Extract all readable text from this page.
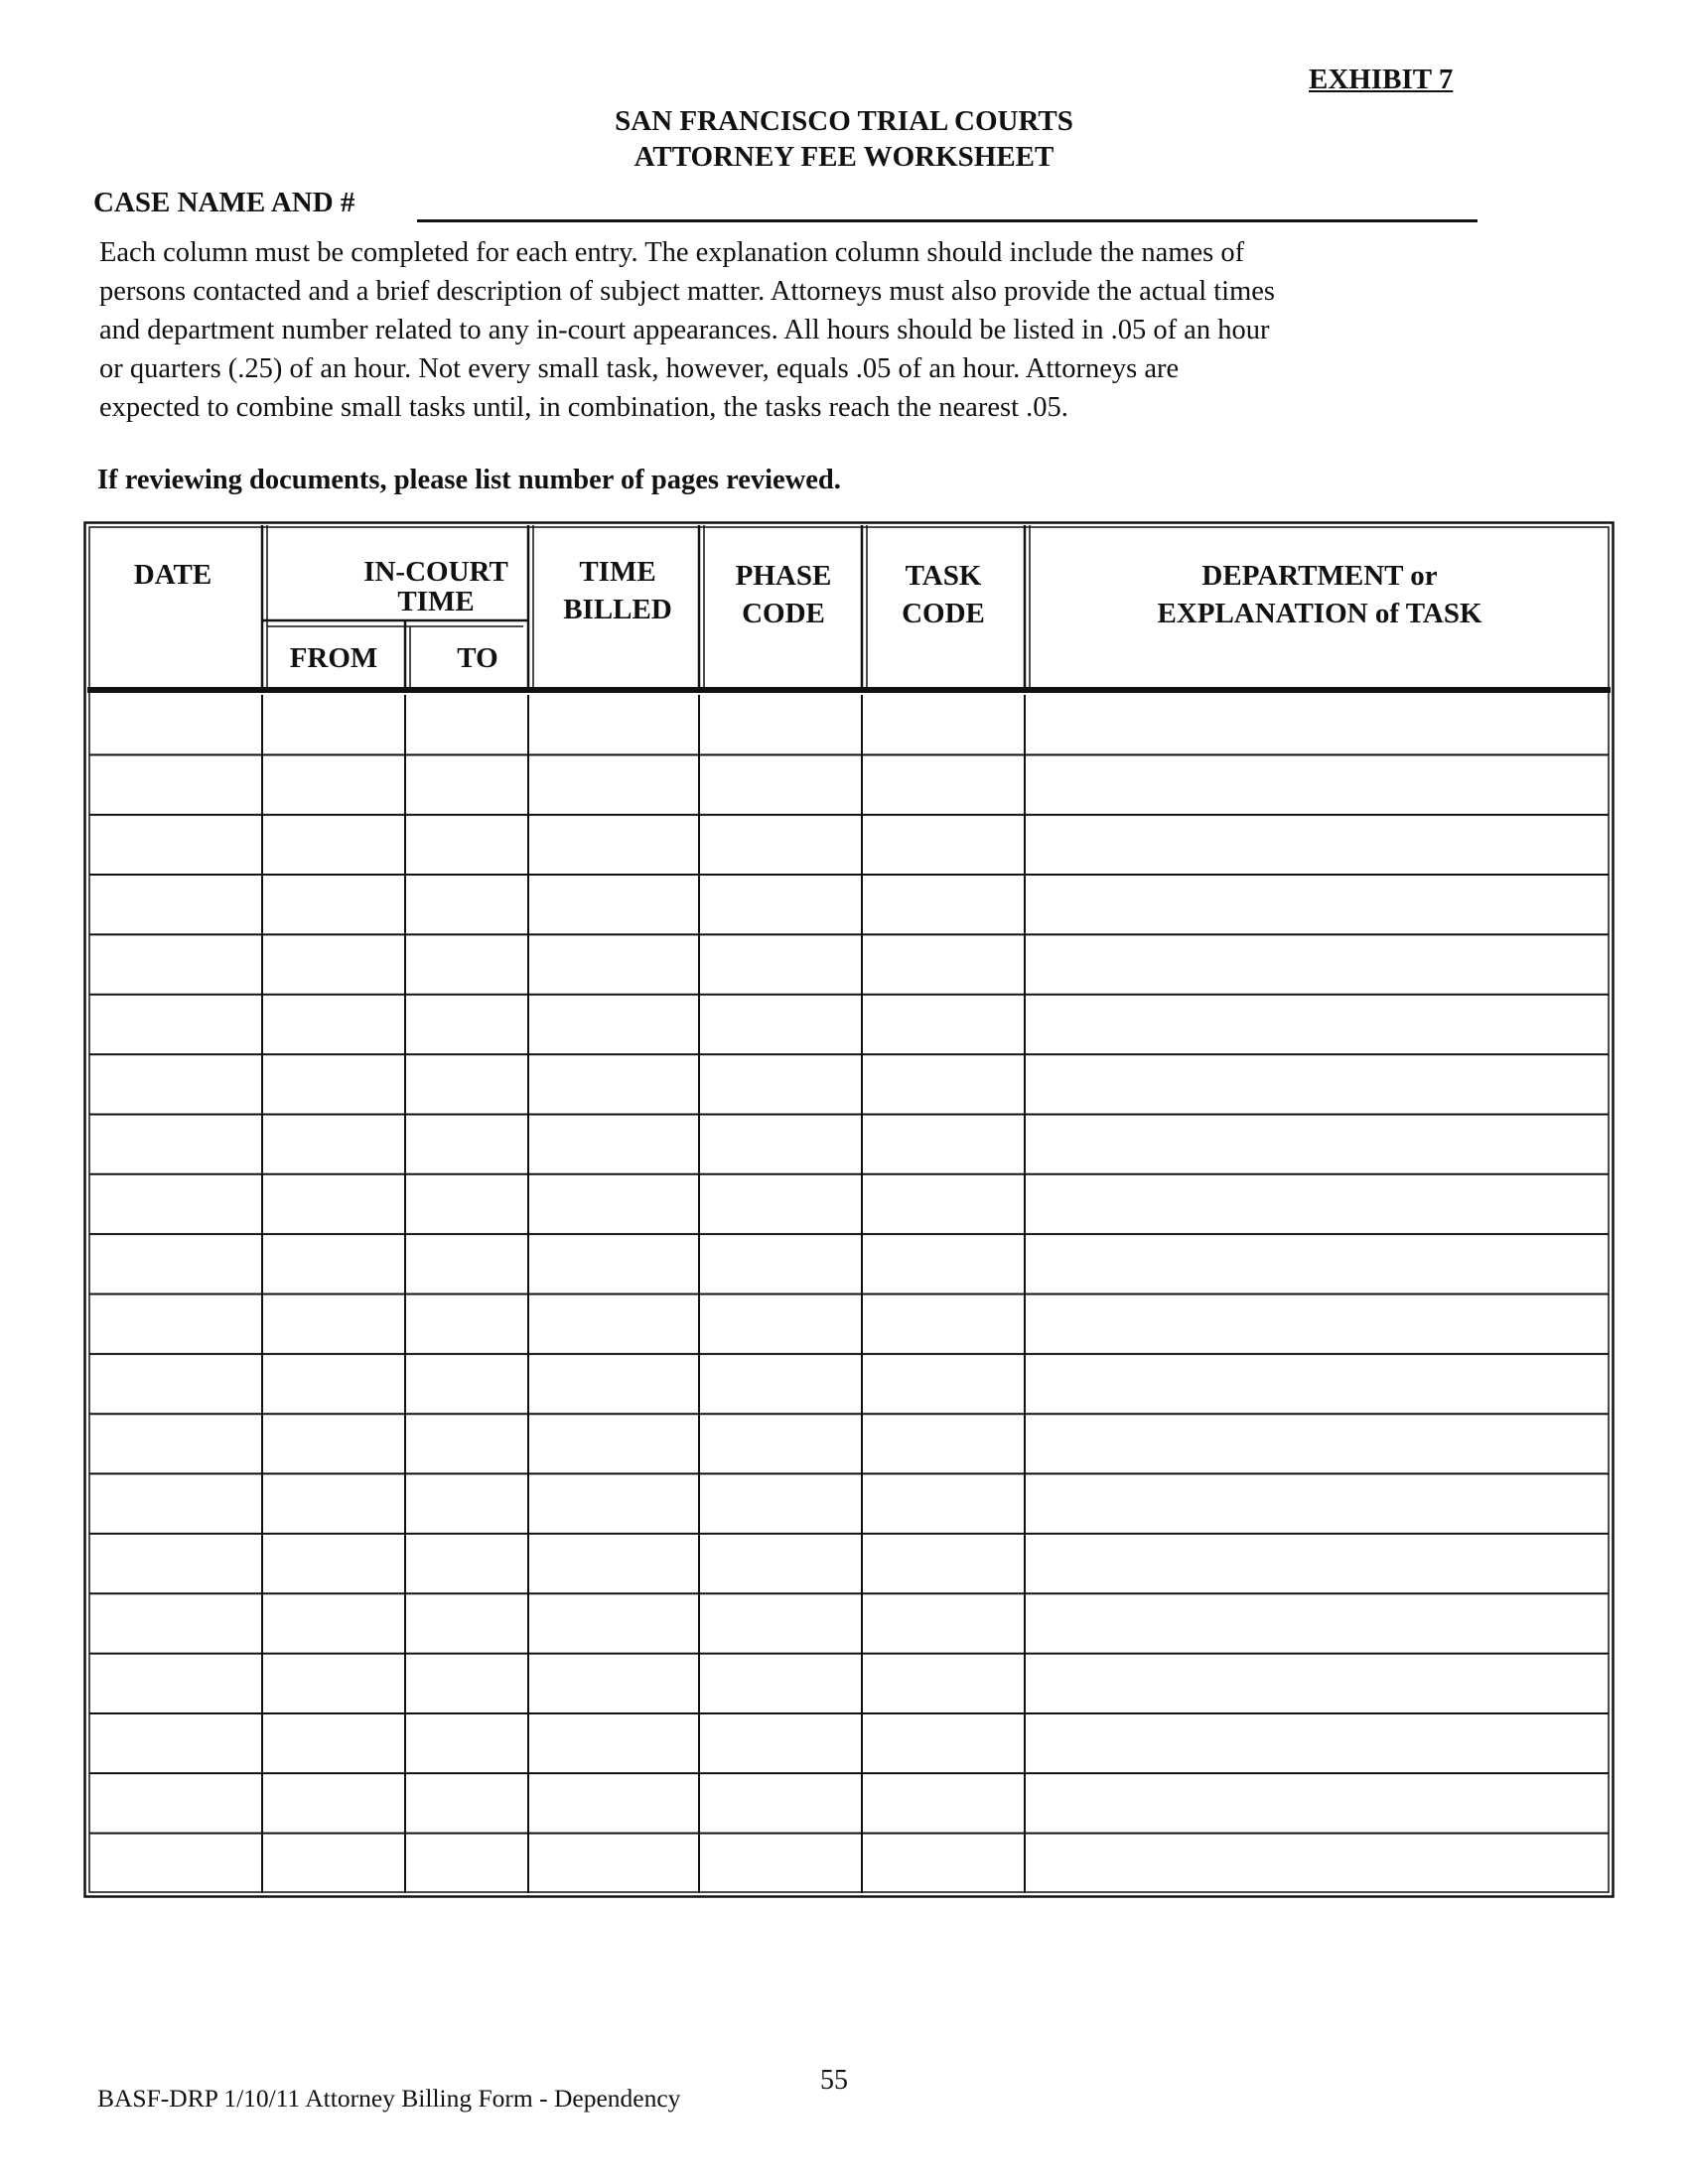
EXHIBIT 7
SAN FRANCISCO TRIAL COURTS
ATTORNEY FEE WORKSHEET
CASE NAME AND #
Each column must be completed for each entry. The explanation column should include the names of
persons contacted and a brief description of subject matter. Attorneys must also provide the actual times
and department number related to any in-court appearances. All hours should be listed in .05 of an hour
or quarters (.25) of an hour. Not every small task, however, equals .05 of an hour. Attorneys are
expected to combine small tasks until, in combination, the tasks reach the nearest .05.
If reviewing documents, please list number of pages reviewed.
DATE	IN-COURT
TIME
FROM	TO
TIME
BILLED
PHASE
CODE
TASK
CODE
DEPARTMENT or
EXPLANATION of TASK
BASF-DRP 1/10/11 Attorney Billing Form - Dependency
55
